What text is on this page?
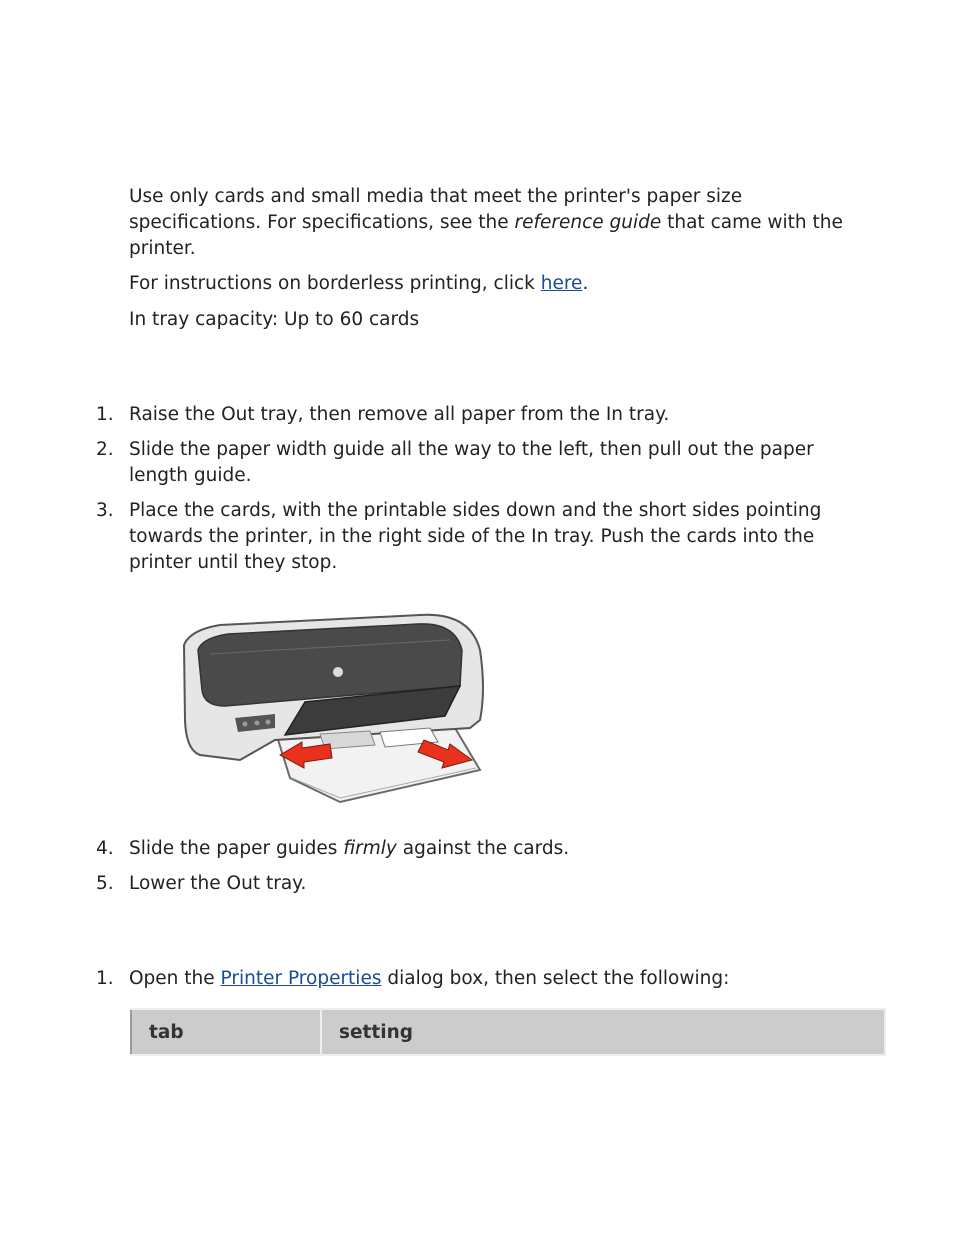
Use only cards and small media that meet the printer's paper size specifications. For specifications, see the reference guide that came with the printer.

For instructions on borderless printing, click here.

In tray capacity: Up to 60 cards

1. Raise the Out tray, then remove all paper from the In tray.
2. Slide the paper width guide all the way to the left, then pull out the paper length guide.
3. Place the cards, with the printable sides down and the short sides pointing towards the printer, in the right side of the In tray. Push the cards into the printer until they stop.
4. Slide the paper guides firmly against the cards.
5. Lower the Out tray.
1. Open the Printer Properties dialog box, then select the following:
tab	setting
